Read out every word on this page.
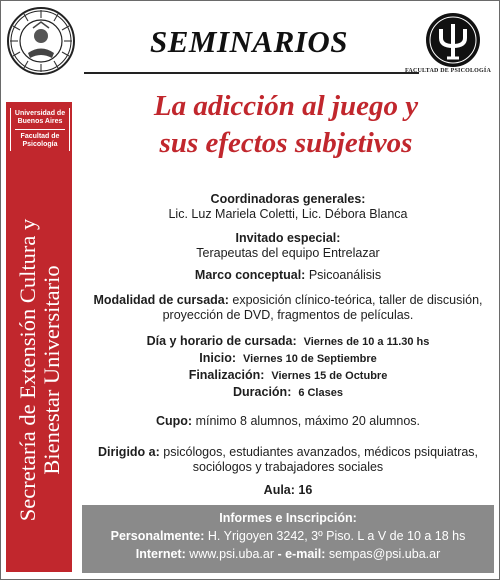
SEMINARIOS
FACULTAD DE PSICOLOGÍA
Universidad de
Buenos Aires
Facultad de
Psicología
Secretaría de Extensión Cultura y Bienestar Universitario
La adicción al juego y
sus efectos subjetivos
Coordinadoras generales:
Lic. Luz Mariela Coletti, Lic. Débora Blanca
Invitado especial:
Terapeutas del equipo Entrelazar
Marco conceptual: Psicoanálisis
Modalidad de cursada: exposición clínico-teórica, taller de discusión,
proyección de DVD, fragmentos de películas.
Día y horario de cursada: Viernes de 10 a 11.30 hs
Inicio: Viernes 10 de Septiembre
Finalización: Viernes 15 de Octubre
Duración: 6 Clases
Cupo: mínimo 8 alumnos, máximo 20 alumnos.
Dirigido a: psicólogos, estudiantes avanzados, médicos psiquiatras,
sociólogos y trabajadores sociales
Aula: 16
Informes e Inscripción:
Personalmente: H. Yrigoyen 3242, 3º Piso. L a V de 10 a 18 hs
Internet: www.psi.uba.ar - e-mail: sempas@psi.uba.ar
